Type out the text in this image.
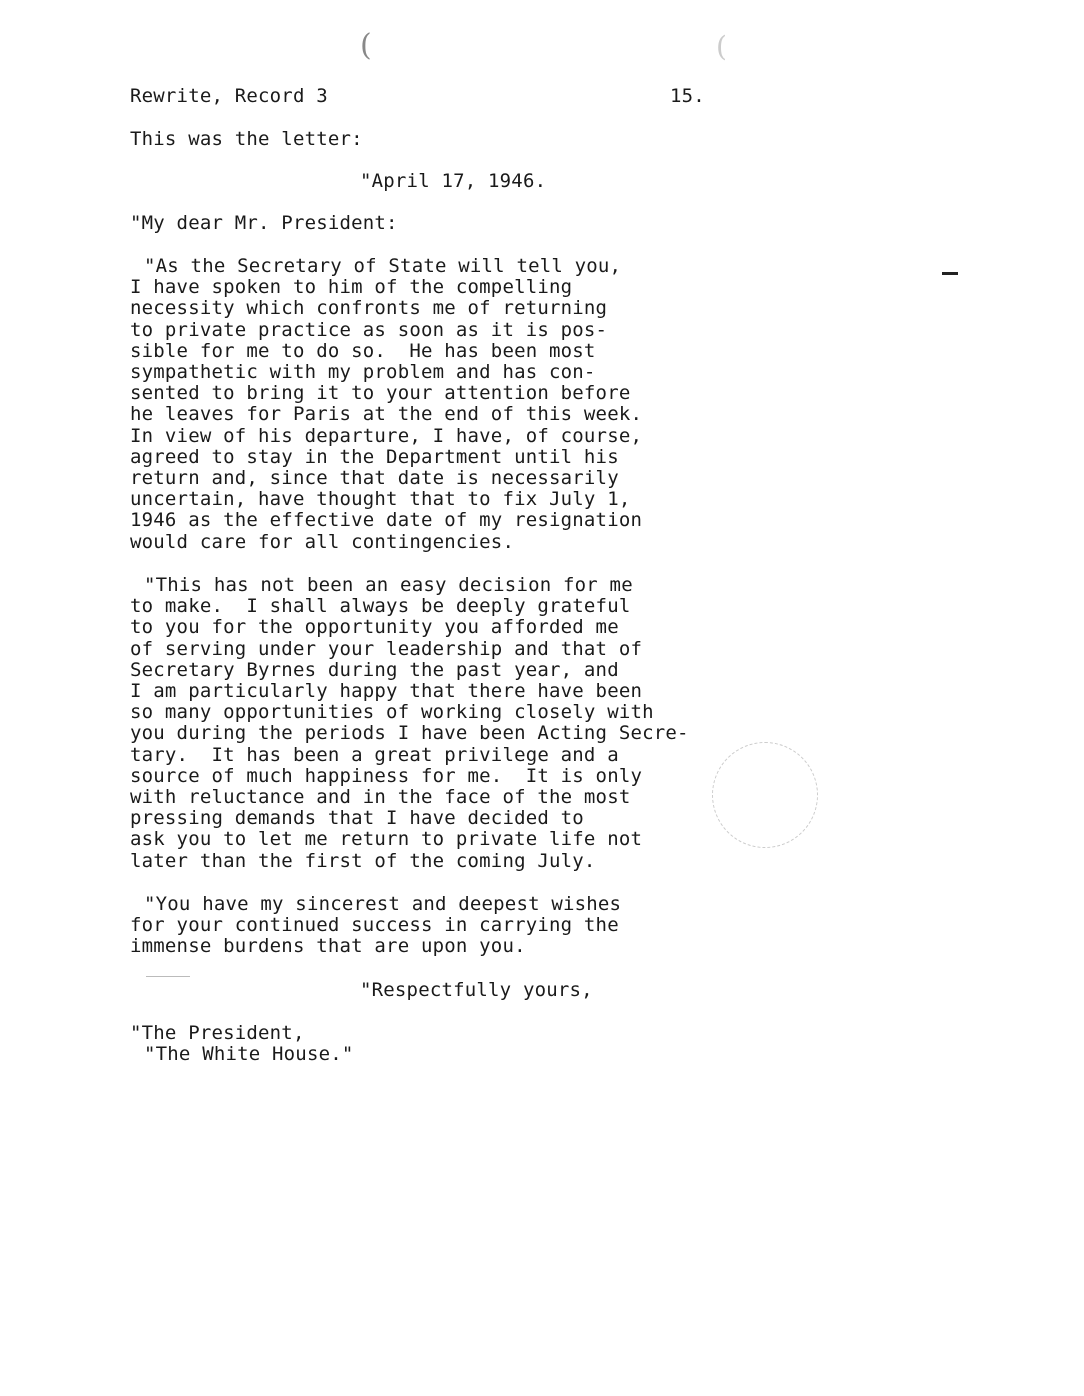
(	(
Rewrite, Record 3	15.
This was the letter:
"April 17, 1946.
"My dear Mr. President:
"As the Secretary of State will tell you,
I have spoken to him of the compelling
necessity which confronts me of returning
to private practice as soon as it is pos-
sible for me to do so.  He has been most
sympathetic with my problem and has con-
sented to bring it to your attention before
he leaves for Paris at the end of this week.
In view of his departure, I have, of course,
agreed to stay in the Department until his
return and, since that date is necessarily
uncertain, have thought that to fix July 1,
1946 as the effective date of my resignation
would care for all contingencies.
"This has not been an easy decision for me
to make.  I shall always be deeply grateful
to you for the opportunity you afforded me
of serving under your leadership and that of
Secretary Byrnes during the past year, and
I am particularly happy that there have been
so many opportunities of working closely with
you during the periods I have been Acting Secre-
tary.  It has been a great privilege and a
source of much happiness for me.  It is only
with reluctance and in the face of the most
pressing demands that I have decided to
ask you to let me return to private life not
later than the first of the coming July.
"You have my sincerest and deepest wishes
for your continued success in carrying the
immense burdens that are upon you.
"Respectfully yours,
"The President,
"The White House."
